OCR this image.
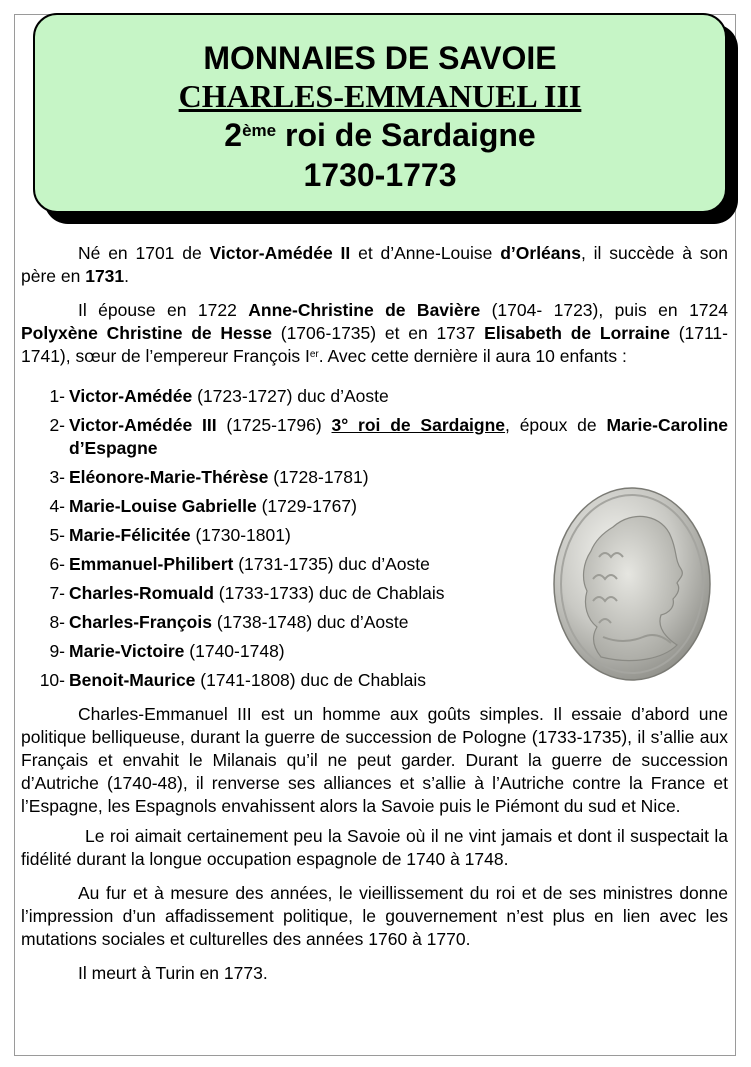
MONNAIES DE SAVOIE
CHARLES-EMMANUEL III
2ème roi de Sardaigne
1730-1773

Né en 1701 de Victor-Amédée II et d’Anne-Louise d’Orléans, il succède à son père en 1731.

Il épouse en 1722 Anne-Christine de Bavière (1704- 1723), puis en 1724 Polyxène Christine de Hesse (1706-1735) et en 1737 Elisabeth de Lorraine (1711-1741), sœur de l’empereur François Ier. Avec cette dernière il aura 10 enfants :

1- Victor-Amédée (1723-1727) duc d’Aoste
2- Victor-Amédée III (1725-1796) 3° roi de Sardaigne, époux de Marie-Caroline d’Espagne
3- Eléonore-Marie-Thérèse (1728-1781)
4- Marie-Louise Gabrielle (1729-1767)
5- Marie-Félicitée (1730-1801)
6- Emmanuel-Philibert (1731-1735) duc d’Aoste
7- Charles-Romuald (1733-1733) duc de Chablais
8- Charles-François (1738-1748) duc d’Aoste
9- Marie-Victoire (1740-1748)
10- Benoit-Maurice (1741-1808) duc de Chablais

Charles-Emmanuel III est un homme aux goûts simples. Il essaie d’abord une politique belliqueuse, durant la guerre de succession de Pologne (1733-1735), il s’allie aux Français et envahit le Milanais qu’il ne peut garder. Durant la guerre de succession d’Autriche (1740-48), il renverse ses alliances et s’allie à l’Autriche contre la France et l’Espagne, les Espagnols envahissent alors la Savoie puis le Piémont du sud et Nice.

Le roi aimait certainement peu la Savoie où il ne vint jamais et dont il suspectait la fidélité durant la longue occupation espagnole de 1740 à 1748.

Au fur et à mesure des années, le vieillissement du roi et de ses ministres donne l’impression d’un affadissement politique, le gouvernement n’est plus en lien avec les mutations sociales et culturelles des années 1760 à 1770.

Il meurt à Turin en 1773.
